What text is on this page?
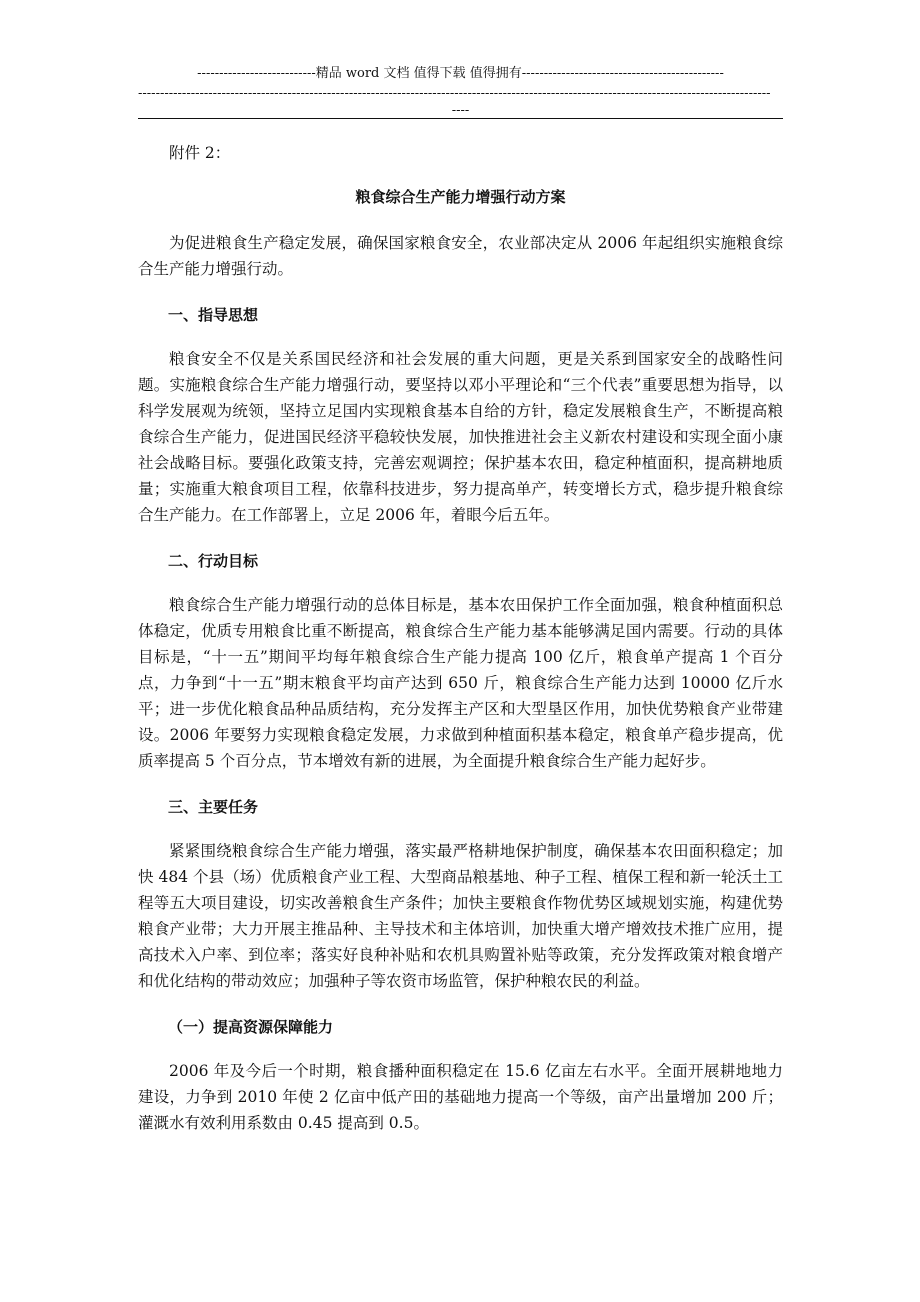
---------------------------精品 word 文档 值得下载 值得拥有----------------------------------------------
------------------------------------------------------------------------------------------------------------------------------------------------
----
附件 2：
粮食综合生产能力增强行动方案

为促进粮食生产稳定发展，确保国家粮食安全，农业部决定从 2006 年起组织实施粮食综合生产能力增强行动。

一、指导思想

粮食安全不仅是关系国民经济和社会发展的重大问题，更是关系到国家安全的战略性问题。实施粮食综合生产能力增强行动，要坚持以邓小平理论和“三个代表”重要思想为指导，以科学发展观为统领，坚持立足国内实现粮食基本自给的方针，稳定发展粮食生产，不断提高粮食综合生产能力，促进国民经济平稳较快发展，加快推进社会主义新农村建设和实现全面小康社会战略目标。要强化政策支持，完善宏观调控；保护基本农田，稳定种植面积，提高耕地质量；实施重大粮食项目工程，依靠科技进步，努力提高单产，转变增长方式，稳步提升粮食综合生产能力。在工作部署上，立足 2006 年，着眼今后五年。

二、行动目标

粮食综合生产能力增强行动的总体目标是，基本农田保护工作全面加强，粮食种植面积总体稳定，优质专用粮食比重不断提高，粮食综合生产能力基本能够满足国内需要。行动的具体目标是，“十一五”期间平均每年粮食综合生产能力提高 100 亿斤，粮食单产提高 1 个百分点，力争到“十一五”期末粮食平均亩产达到 650 斤，粮食综合生产能力达到 10000 亿斤水平；进一步优化粮食品种品质结构，充分发挥主产区和大型垦区作用，加快优势粮食产业带建设。2006 年要努力实现粮食稳定发展，力求做到种植面积基本稳定，粮食单产稳步提高，优质率提高 5 个百分点，节本增效有新的进展，为全面提升粮食综合生产能力起好步。

三、主要任务

紧紧围绕粮食综合生产能力增强，落实最严格耕地保护制度，确保基本农田面积稳定；加快 484 个县（场）优质粮食产业工程、大型商品粮基地、种子工程、植保工程和新一轮沃土工程等五大项目建设，切实改善粮食生产条件；加快主要粮食作物优势区域规划实施，构建优势粮食产业带；大力开展主推品种、主导技术和主体培训，加快重大增产增效技术推广应用，提高技术入户率、到位率；落实好良种补贴和农机具购置补贴等政策，充分发挥政策对粮食增产和优化结构的带动效应；加强种子等农资市场监管，保护种粮农民的利益。

（一）提高资源保障能力

2006 年及今后一个时期，粮食播种面积稳定在 15.6 亿亩左右水平。全面开展耕地地力建设，力争到 2010 年使 2 亿亩中低产田的基础地力提高一个等级，亩产出量增加 200 斤；灌溉水有效利用系数由 0.45 提高到 0.5。
